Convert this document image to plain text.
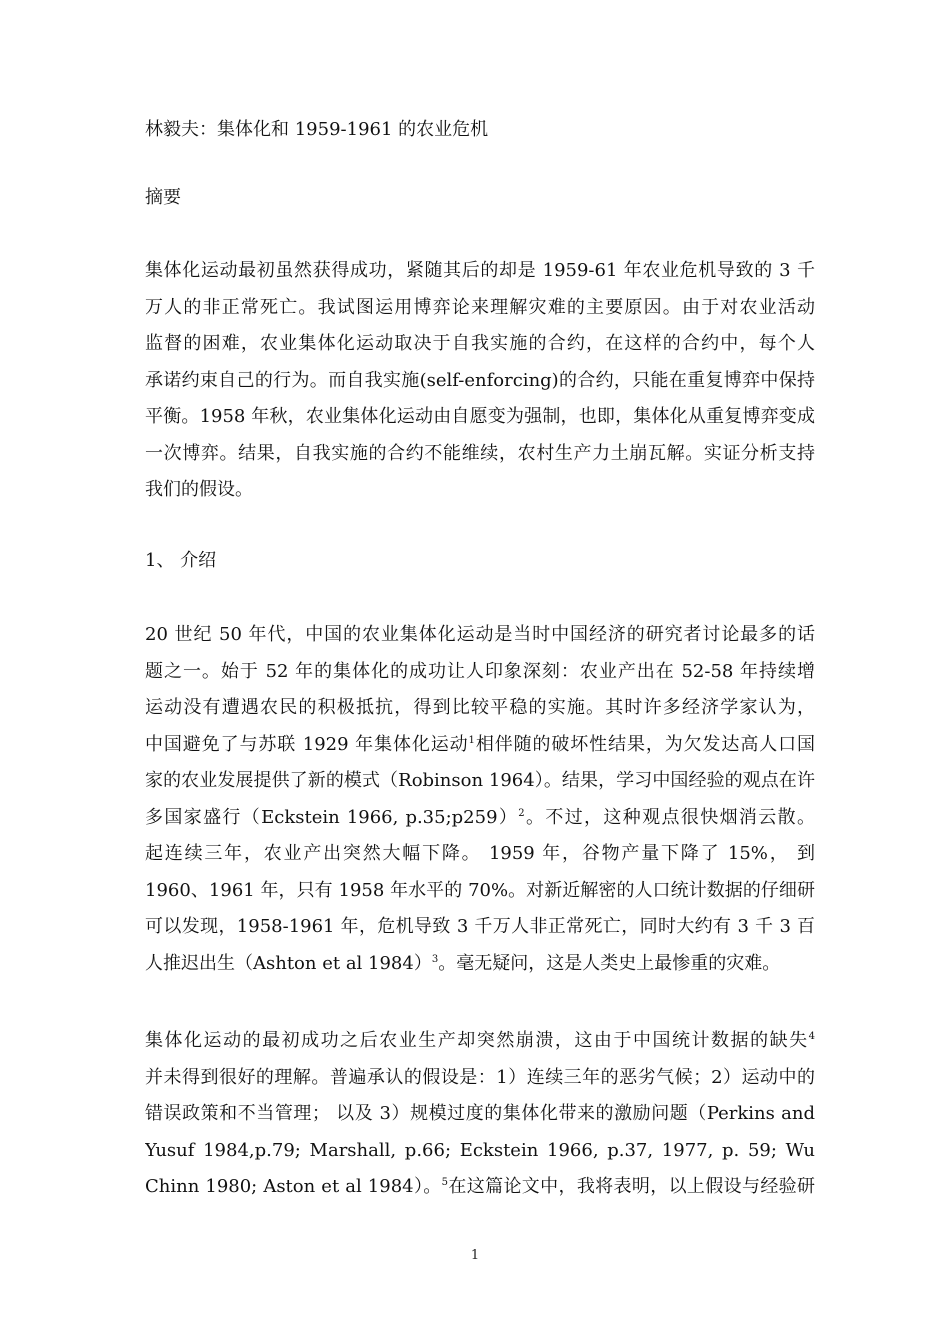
林毅夫：集体化和 1959-1961 的农业危机

摘要

集体化运动最初虽然获得成功，紧随其后的却是 1959-61 年农业危机导致的 3 千
万人的非正常死亡。我试图运用博弈论来理解灾难的主要原因。由于对农业活动
监督的困难，农业集体化运动取决于自我实施的合约，在这样的合约中，每个人
承诺约束自己的行为。而自我实施(self-enforcing)的合约，只能在重复博弈中保持
平衡。1958 年秋，农业集体化运动由自愿变为强制，也即，集体化从重复博弈变成
一次博弈。结果，自我实施的合约不能维续，农村生产力土崩瓦解。实证分析支持
我们的假设。

1、 介绍

20 世纪 50 年代，中国的农业集体化运动是当时中国经济的研究者讨论最多的话
题之一。始于 52 年的集体化的成功让人印象深刻：农业产出在 52-58 年持续增
运动没有遭遇农民的积极抵抗，得到比较平稳的实施。其时许多经济学家认为，
中国避免了与苏联 1929 年集体化运动$^1$相伴随的破坏性结果，为欠发达高人口国
家的农业发展提供了新的模式（Robinson 1964）。结果，学习中国经验的观点在许
多国家盛行（Eckstein 1966, p.35;p259）$^2$。不过，这种观点很快烟消云散。
起连续三年，农业产出突然大幅下降。 1959 年，谷物产量下降了 15%， 到
1960、1961 年，只有 1958 年水平的 70%。对新近解密的人口统计数据的仔细研
可以发现，1958-1961 年，危机导致 3 千万人非正常死亡，同时大约有 3 千 3 百
人推迟出生（Ashton et al 1984）$^3$。毫无疑问，这是人类史上最惨重的灾难。
集体化运动的最初成功之后农业生产却突然崩溃，这由于中国统计数据的缺失$^4$
并未得到很好的理解。普遍承认的假设是：1）连续三年的恶劣气候；2）运动中的
错误政策和不当管理； 以及 3）规模过度的集体化带来的激励问题（Perkins and
Yusuf 1984,p.79; Marshall, p.66; Eckstein 1966, p.37, 1977, p. 59; Wu
Chinn 1980; Aston et al 1984）。$^5$在这篇论文中，我将表明，以上假设与经验研
1
